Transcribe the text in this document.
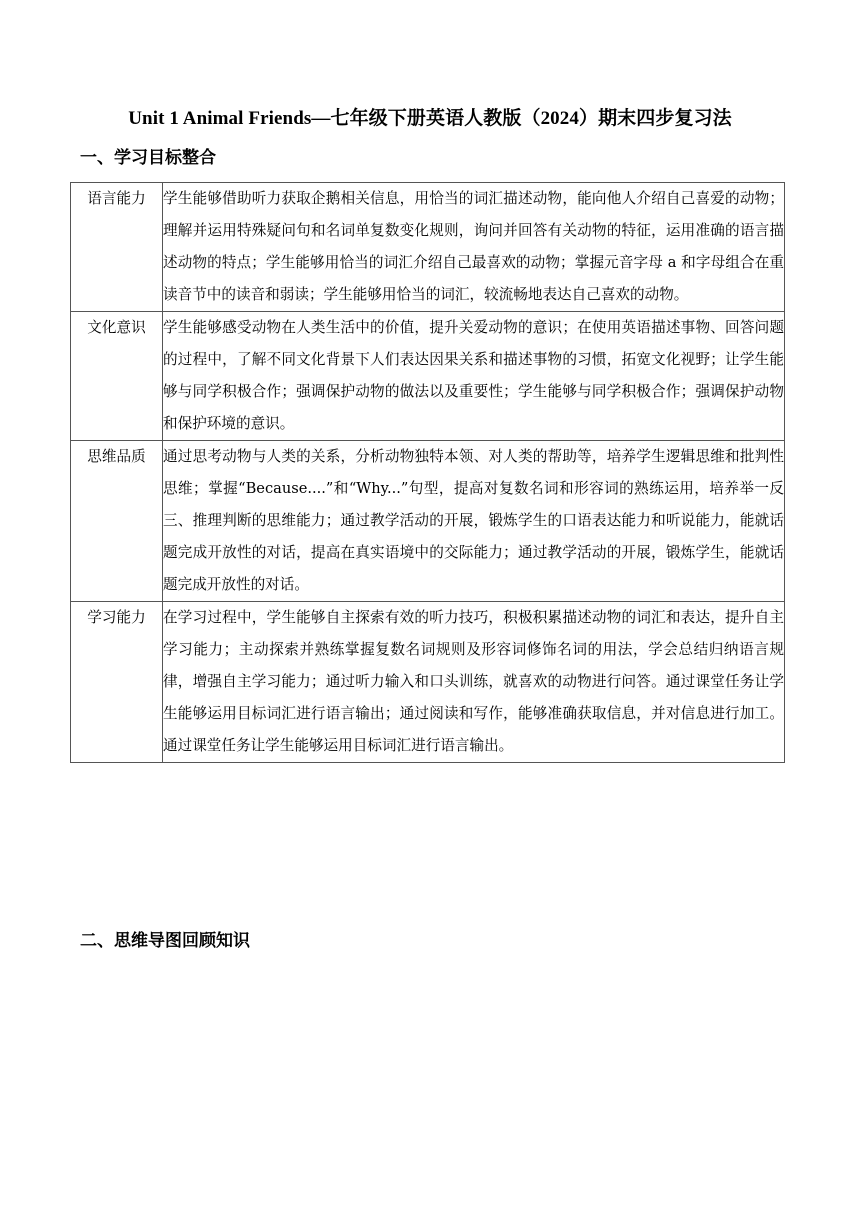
Unit 1 Animal Friends—七年级下册英语人教版（2024）期末四步复习法
一、学习目标整合
语言能力	学生能够借助听力获取企鹅相关信息，用恰当的词汇描述动物，能向他人介绍自己喜爱的动物；理解并运用特殊疑问句和名词单复数变化规则，询问并回答有关动物的特征，运用准确的语言描述动物的特点；学生能够用恰当的词汇介绍自己最喜欢的动物；掌握元音字母 a 和字母组合在重读音节中的读音和弱读；学生能够用恰当的词汇，较流畅地表达自己喜欢的动物。
文化意识	学生能够感受动物在人类生活中的价值，提升关爱动物的意识；在使用英语描述事物、回答问题的过程中，了解不同文化背景下人们表达因果关系和描述事物的习惯，拓宽文化视野；让学生能够与同学积极合作；强调保护动物的做法以及重要性；学生能够与同学积极合作；强调保护动物和保护环境的意识。
思维品质	通过思考动物与人类的关系，分析动物独特本领、对人类的帮助等，培养学生逻辑思维和批判性思维；掌握“Because....”和“Why...”句型，提高对复数名词和形容词的熟练运用，培养举一反三、推理判断的思维能力；通过教学活动的开展，锻炼学生的口语表达能力和听说能力，能就话题完成开放性的对话，提高在真实语境中的交际能力；通过教学活动的开展，锻炼学生，能就话题完成开放性的对话。
学习能力	在学习过程中，学生能够自主探索有效的听力技巧，积极积累描述动物的词汇和表达，提升自主学习能力；主动探索并熟练掌握复数名词规则及形容词修饰名词的用法，学会总结归纳语言规律，增强自主学习能力；通过听力输入和口头训练，就喜欢的动物进行问答。通过课堂任务让学生能够运用目标词汇进行语言输出；通过阅读和写作，能够准确获取信息，并对信息进行加工。通过课堂任务让学生能够运用目标词汇进行语言输出。
二、思维导图回顾知识
